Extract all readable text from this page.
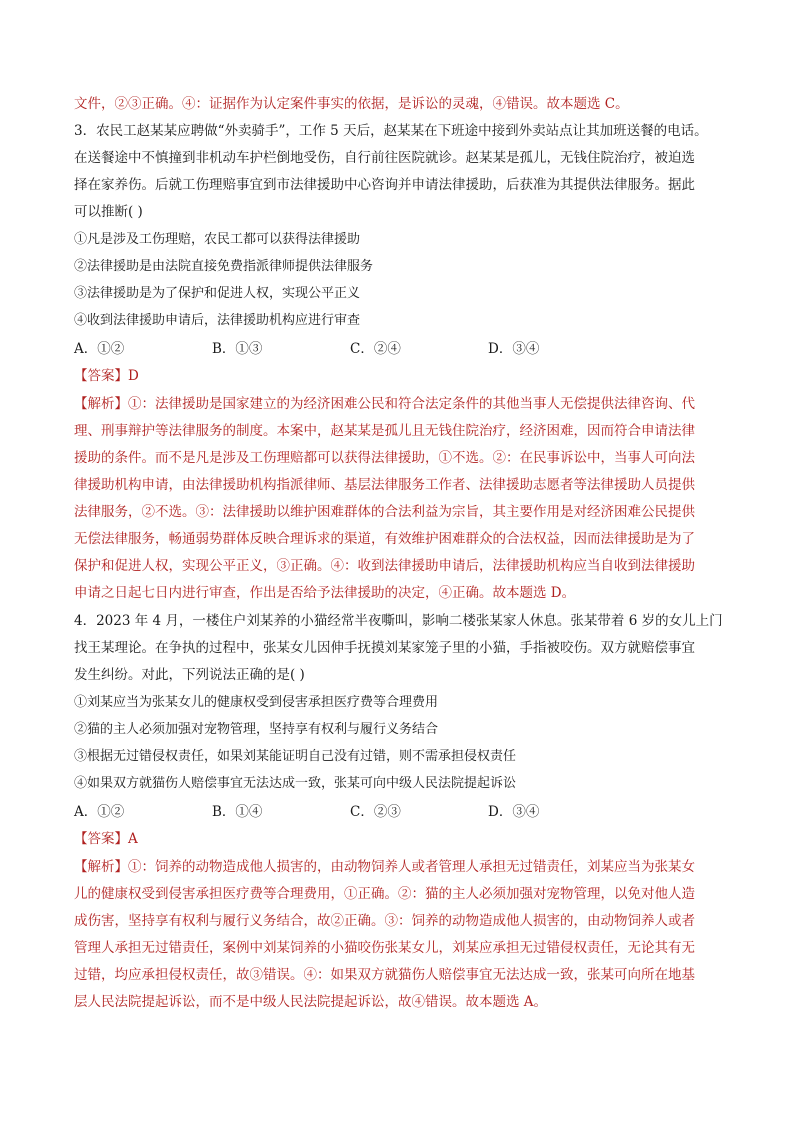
文件，②③正确。④：证据作为认定案件事实的依据，是诉讼的灵魂，④错误。故本题选 C。
3．农民工赵某某应聘做“外卖骑手”，工作 5 天后，赵某某在下班途中接到外卖站点让其加班送餐的电话。
在送餐途中不慎撞到非机动车护栏倒地受伤，自行前往医院就诊。赵某某是孤儿，无钱住院治疗，被迫选
择在家养伤。后就工伤理赔事宜到市法律援助中心咨询并申请法律援助，后获准为其提供法律服务。据此
可以推断( )
①凡是涉及工伤理赔，农民工都可以获得法律援助
②法律援助是由法院直接免费指派律师提供法律服务
③法律援助是为了保护和促进人权，实现公平正义
④收到法律援助申请后，法律援助机构应进行审查
A．①②	B．①③	C．②④	D．③④
【答案】D
【解析】①：法律援助是国家建立的为经济困难公民和符合法定条件的其他当事人无偿提供法律咨询、代
理、刑事辩护等法律服务的制度。本案中，赵某某是孤儿且无钱住院治疗，经济困难，因而符合申请法律
援助的条件。而不是凡是涉及工伤理赔都可以获得法律援助，①不选。②：在民事诉讼中，当事人可向法
律援助机构申请，由法律援助机构指派律师、基层法律服务工作者、法律援助志愿者等法律援助人员提供
法律服务，②不选。③：法律援助以维护困难群体的合法利益为宗旨，其主要作用是对经济困难公民提供
无偿法律服务，畅通弱势群体反映合理诉求的渠道，有效维护困难群众的合法权益，因而法律援助是为了
保护和促进人权，实现公平正义，③正确。④：收到法律援助申请后，法律援助机构应当自收到法律援助
申请之日起七日内进行审查，作出是否给予法律援助的决定，④正确。故本题选 D。
4．2023 年 4 月，一楼住户刘某养的小猫经常半夜嘶叫，影响二楼张某家人休息。张某带着 6 岁的女儿上门
找王某理论。在争执的过程中，张某女儿因伸手抚摸刘某家笼子里的小猫，手指被咬伤。双方就赔偿事宜
发生纠纷。对此，下列说法正确的是( )
①刘某应当为张某女儿的健康权受到侵害承担医疗费等合理费用
②猫的主人必须加强对宠物管理，坚持享有权利与履行义务结合
③根据无过错侵权责任，如果刘某能证明自己没有过错，则不需承担侵权责任
④如果双方就猫伤人赔偿事宜无法达成一致，张某可向中级人民法院提起诉讼
A．①②	B．①④	C．②③	D．③④
【答案】A
【解析】①：饲养的动物造成他人损害的，由动物饲养人或者管理人承担无过错责任，刘某应当为张某女
儿的健康权受到侵害承担医疗费等合理费用，①正确。②：猫的主人必须加强对宠物管理，以免对他人造
成伤害，坚持享有权利与履行义务结合，故②正确。③：饲养的动物造成他人损害的，由动物饲养人或者
管理人承担无过错责任，案例中刘某饲养的小猫咬伤张某女儿，刘某应承担无过错侵权责任，无论其有无
过错，均应承担侵权责任，故③错误。④：如果双方就猫伤人赔偿事宜无法达成一致，张某可向所在地基
层人民法院提起诉讼，而不是中级人民法院提起诉讼，故④错误。故本题选 A。
